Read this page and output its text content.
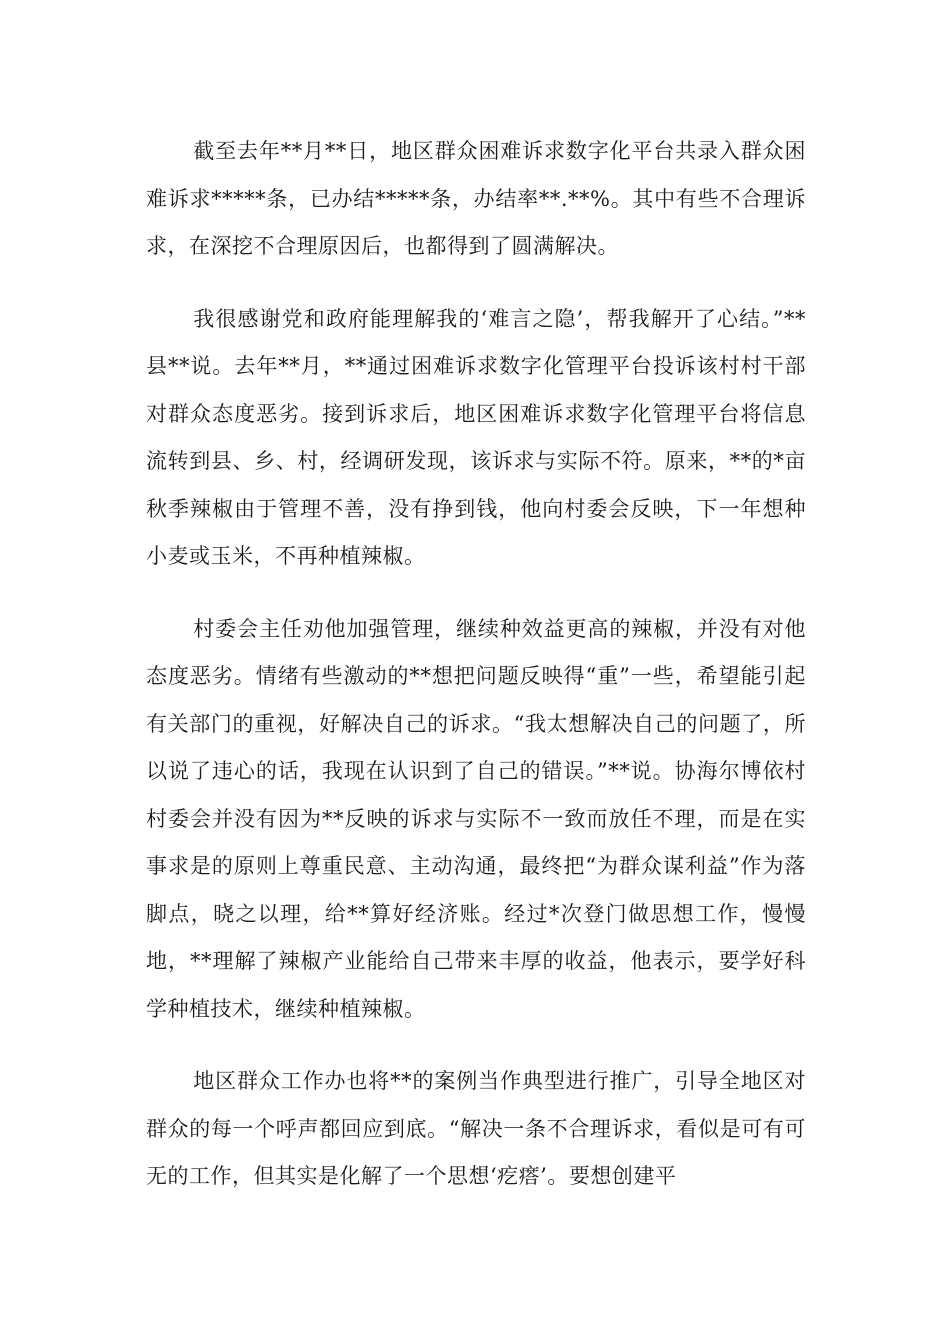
截至去年**月**日，地区群众困难诉求数字化平台共录入群众困难诉求*****条，已办结*****条，办结率**.**%。其中有些不合理诉求，在深挖不合理原因后，也都得到了圆满解决。

我很感谢党和政府能理解我的‘难言之隐’，帮我解开了心结。”**县**说。去年**月，**通过困难诉求数字化管理平台投诉该村村干部对群众态度恶劣。接到诉求后，地区困难诉求数字化管理平台将信息流转到县、乡、村，经调研发现，该诉求与实际不符。原来，**的*亩秋季辣椒由于管理不善，没有挣到钱，他向村委会反映，下一年想种小麦或玉米，不再种植辣椒。

村委会主任劝他加强管理，继续种效益更高的辣椒，并没有对他态度恶劣。情绪有些激动的**想把问题反映得“重”一些，希望能引起有关部门的重视，好解决自己的诉求。“我太想解决自己的问题了，所以说了违心的话，我现在认识到了自己的错误。”**说。协海尔博依村村委会并没有因为**反映的诉求与实际不一致而放任不理，而是在实事求是的原则上尊重民意、主动沟通，最终把“为群众谋利益”作为落脚点，晓之以理，给**算好经济账。经过*次登门做思想工作，慢慢地，**理解了辣椒产业能给自己带来丰厚的收益，他表示，要学好科学种植技术，继续种植辣椒。

地区群众工作办也将**的案例当作典型进行推广，引导全地区对群众的每一个呼声都回应到底。“解决一条不合理诉求，看似是可有可无的工作，但其实是化解了一个思想‘疙瘩’。要想创建平
